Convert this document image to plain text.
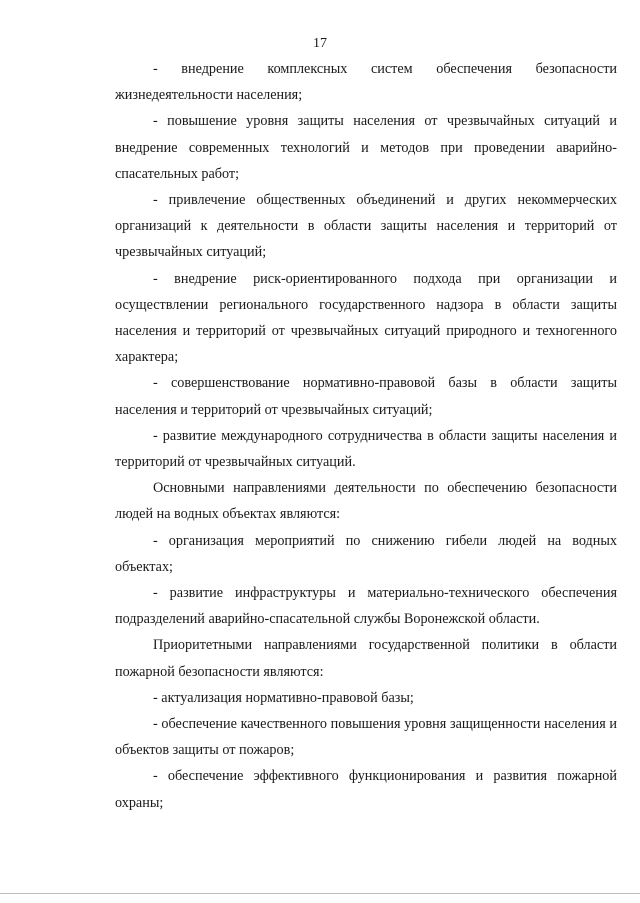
17

- внедрение комплексных систем обеспечения безопасности жизнедеятельности населения;

- повышение уровня защиты населения от чрезвычайных ситуаций и внедрение современных технологий и методов при проведении аварийно-спасательных работ;

- привлечение общественных объединений и других некоммерческих организаций к деятельности в области защиты населения и территорий от чрезвычайных ситуаций;

- внедрение риск-ориентированного подхода при организации и осуществлении регионального государственного надзора в области защиты населения и территорий от чрезвычайных ситуаций природного и техногенного характера;

- совершенствование нормативно-правовой базы в области защиты населения и территорий от чрезвычайных ситуаций;

- развитие международного сотрудничества в области защиты населения и территорий от чрезвычайных ситуаций.

Основными направлениями деятельности по обеспечению безопасности людей на водных объектах являются:

- организация мероприятий по снижению гибели людей на водных объектах;

- развитие инфраструктуры и материально-технического обеспечения подразделений аварийно-спасательной службы Воронежской области.

Приоритетными направлениями государственной политики в области пожарной безопасности являются:

- актуализация нормативно-правовой базы;

- обеспечение качественного повышения уровня защищенности населения и объектов защиты от пожаров;

- обеспечение эффективного функционирования и развития пожарной охраны;
